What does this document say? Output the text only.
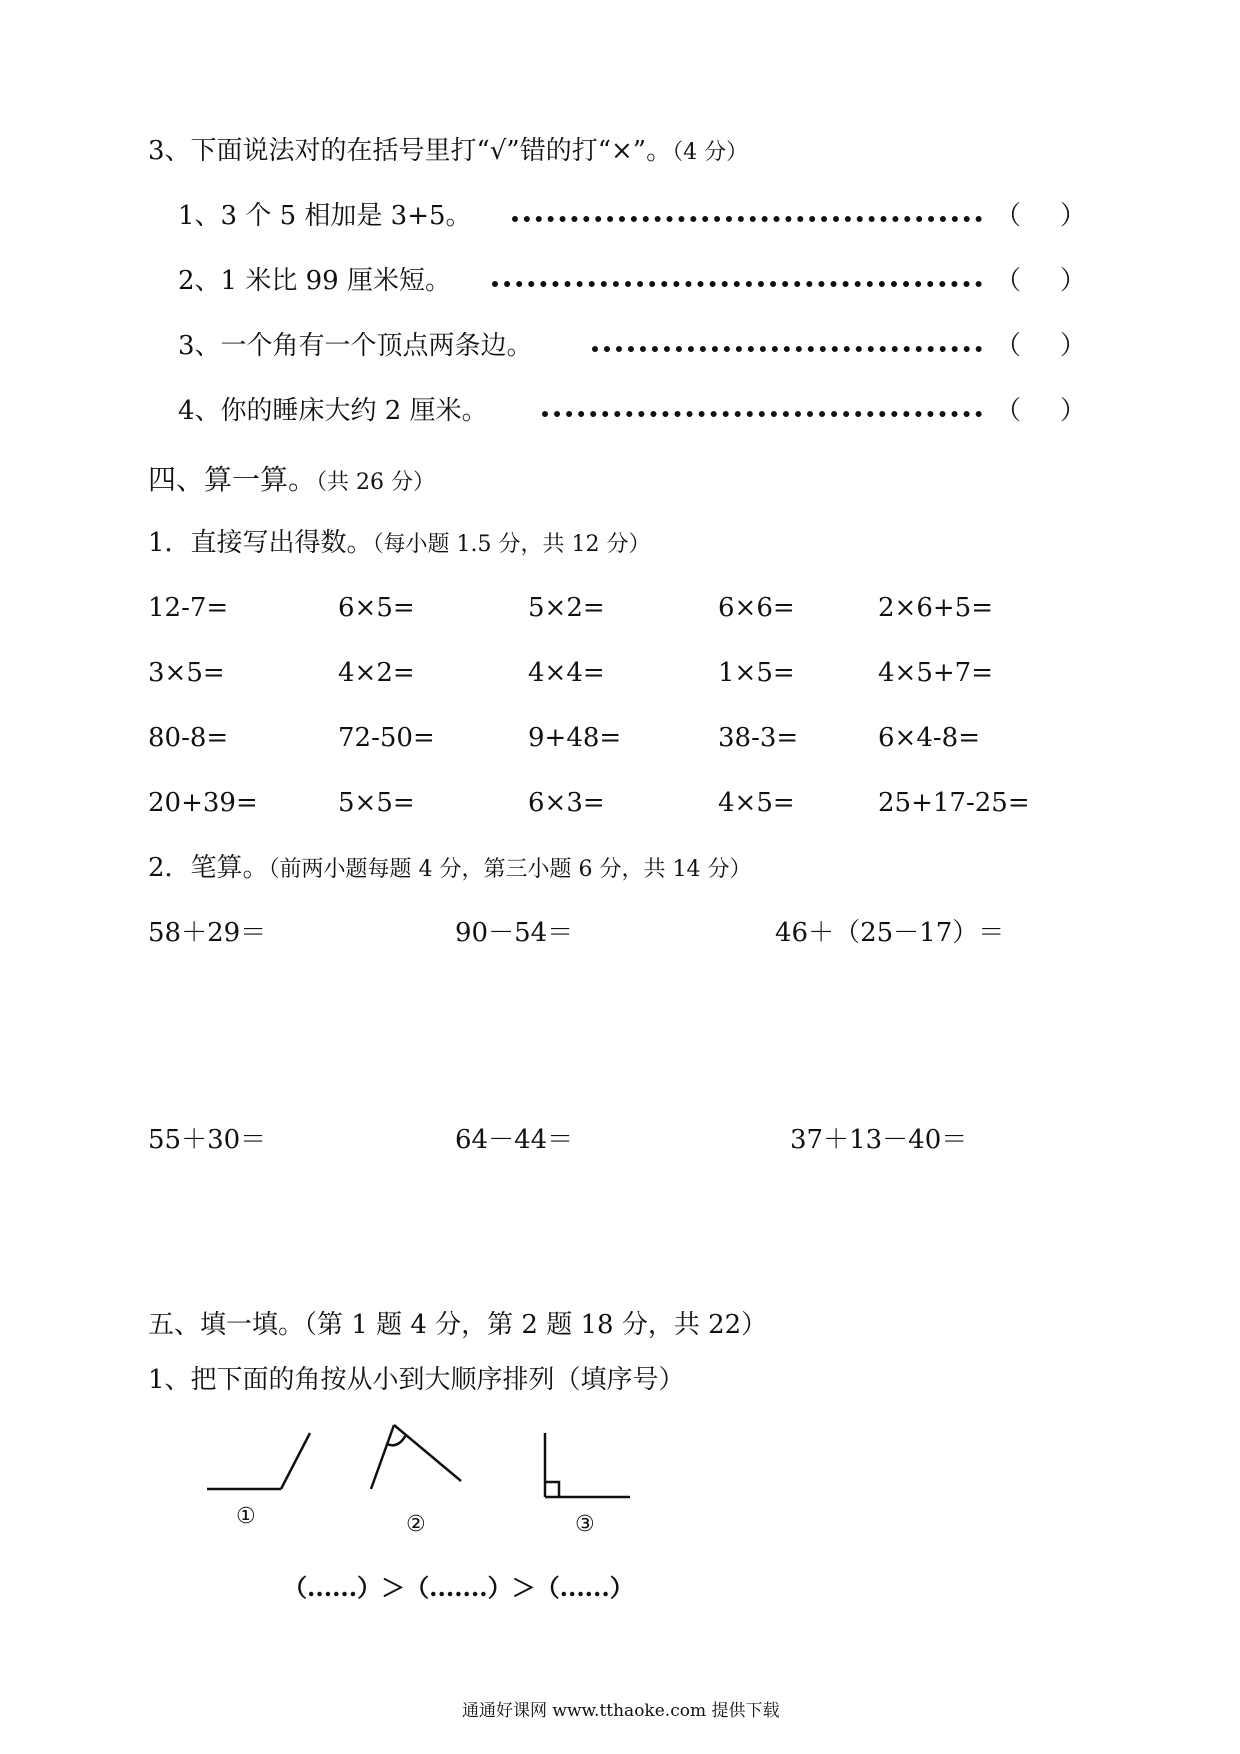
3、下面说法对的在括号里打“√”错的打“×”。（4 分）
1、3 个 5 相加是 3+5。	（ ）
2、1 米比 99 厘米短。	（ ）
3、一个角有一个顶点两条边。	（ ）
4、你的睡床大约 2 厘米。	（ ）
四、算一算。（共 26 分）
1．直接写出得数。（每小题 1.5 分，共 12 分）
12-7=	6×5=	5×2=	6×6=	2×6+5=
3×5=	4×2=	4×4=	1×5=	4×5+7=
80-8=	72-50=	9+48=	38-3=	6×4-8=
20+39=	5×5=	6×3=	4×5=	25+17-25=
2．笔算。（前两小题每题 4 分，第三小题 6 分，共 14 分）
58＋29＝	90－54＝	46＋（25－17）＝
55＋30＝	64－44＝	37＋13－40＝
五、填一填。（第 1 题 4 分，第 2 题 18 分，共 22）
1、把下面的角按从小到大顺序排列（填序号）
①	②	③
（......）＞（.......）＞（......）
通通好课网 www.tthaoke.com 提供下载
